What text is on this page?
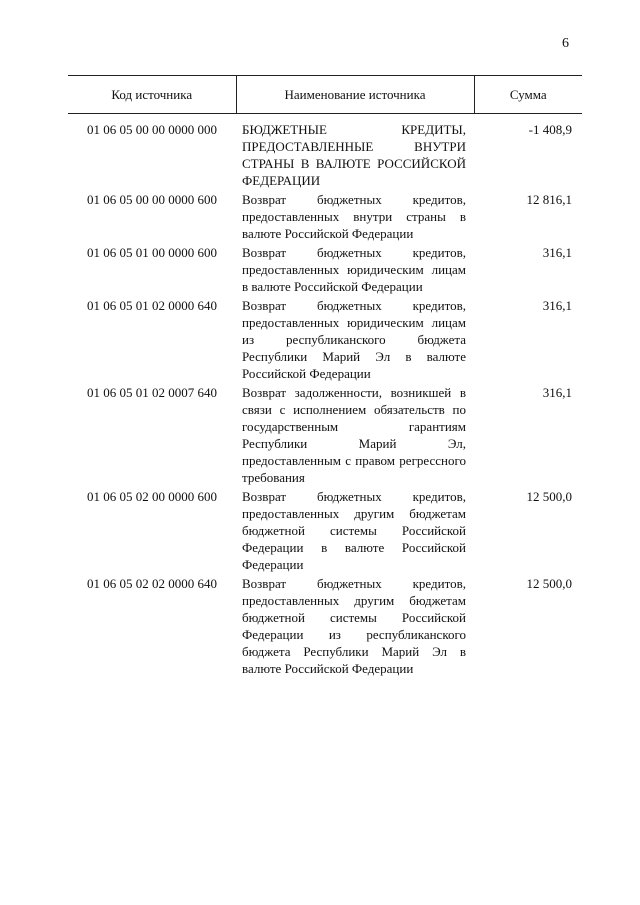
6
Код источника	Наименование источника	Сумма
01 06 05 00 00 0000 000	БЮДЖЕТНЫЕ КРЕДИТЫ, ПРЕДОСТАВЛЕННЫЕ ВНУТРИ СТРАНЫ В ВАЛЮТЕ РОССИЙСКОЙ ФЕДЕРАЦИИ	-1 408,9
01 06 05 00 00 0000 600	Возврат бюджетных кредитов, предоставленных внутри страны в валюте Российской Федерации	12 816,1
01 06 05 01 00 0000 600	Возврат бюджетных кредитов, предоставленных юридическим лицам в валюте Российской Федерации	316,1
01 06 05 01 02 0000 640	Возврат бюджетных кредитов, предоставленных юридическим лицам из республиканского бюджета Республики Марий Эл в валюте Российской Федерации	316,1
01 06 05 01 02 0007 640	Возврат задолженности, возникшей в связи с исполнением обязательств по государственным гарантиям Республики Марий Эл, предоставленным с правом регрессного требования	316,1
01 06 05 02 00 0000 600	Возврат бюджетных кредитов, предоставленных другим бюджетам бюджетной системы Российской Федерации в валюте Российской Федерации	12 500,0
01 06 05 02 02 0000 640	Возврат бюджетных кредитов, предоставленных другим бюджетам бюджетной системы Российской Федерации из республиканского бюджета Республики Марий Эл в валюте Российской Федерации	12 500,0
